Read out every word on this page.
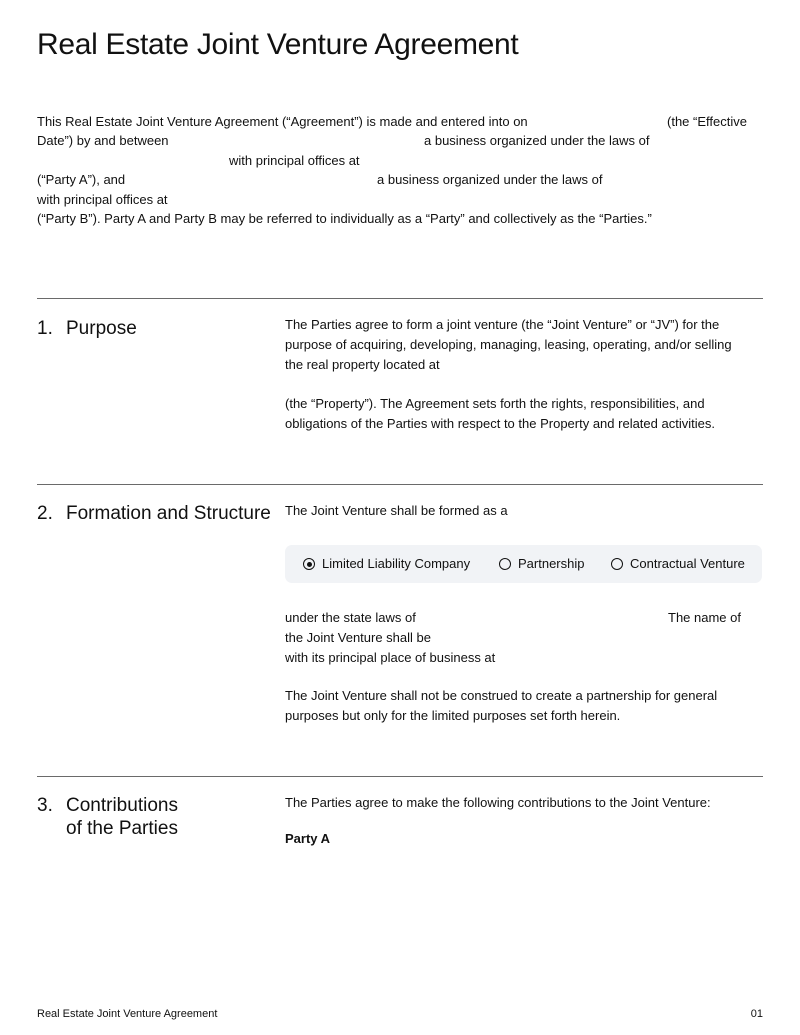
Real Estate Joint Venture Agreement
This Real Estate Joint Venture Agreement (“Agreement”) is made and entered into on	(the “Effective
Date”) by and between	a business organized under the laws of
with principal offices at
(“Party A”), and	a business organized under the laws of
with principal offices at
(“Party B”). Party A and Party B may be referred to individually as a “Party” and collectively as the “Parties.”
1. Purpose	The Parties agree to form a joint venture (the “Joint Venture” or “JV”) for the
purpose of acquiring, developing, managing, leasing, operating, and/or selling
the real property located at
(the “Property”). The Agreement sets forth the rights, responsibilities, and
obligations of the Parties with respect to the Property and related activities.
2. Formation and Structure The Joint Venture shall be formed as a
Limited Liability Company	Partnership	Contractual Venture
under the state laws of	The name of
the Joint Venture shall be
with its principal place of business at
The Joint Venture shall not be construed to create a partnership for general
purposes but only for the limited purposes set forth herein.
3. Contributions
of the Parties
The Parties agree to make the following contributions to the Joint Venture:
Party A
Real Estate Joint Venture Agreement	01
